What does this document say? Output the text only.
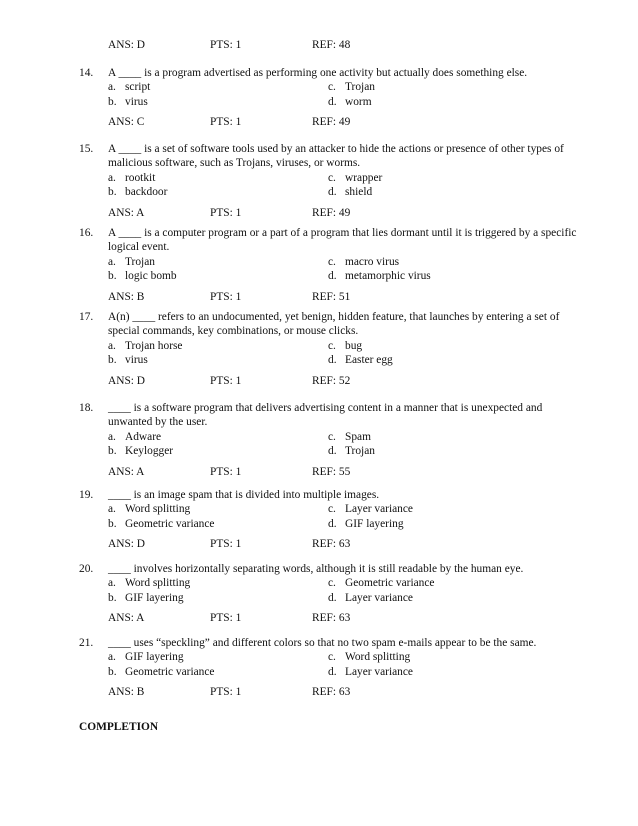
ANS: D	PTS: 1	REF: 48
14.	A ____ is a program advertised as performing one activity but actually does something else.
a. script	c. Trojan
b. virus	d. worm
ANS: C	PTS: 1	REF: 49
15.	A ____ is a set of software tools used by an attacker to hide the actions or presence of other types of
malicious software, such as Trojans, viruses, or worms.
a. rootkit	c. wrapper
b. backdoor	d. shield
ANS: A	PTS: 1	REF: 49
16.	A ____ is a computer program or a part of a program that lies dormant until it is triggered by a specific
logical event.
a. Trojan	c. macro virus
b. logic bomb	d. metamorphic virus
ANS: B	PTS: 1	REF: 51
17.	A(n) ____ refers to an undocumented, yet benign, hidden feature, that launches by entering a set of
special commands, key combinations, or mouse clicks.
a. Trojan horse	c. bug
b. virus	d. Easter egg
ANS: D	PTS: 1	REF: 52
18.	____ is a software program that delivers advertising content in a manner that is unexpected and
unwanted by the user.
a. Adware	c. Spam
b. Keylogger	d. Trojan
ANS: A	PTS: 1	REF: 55
19.	____ is an image spam that is divided into multiple images.
a. Word splitting	c. Layer variance
b. Geometric variance	d. GIF layering
ANS: D	PTS: 1	REF: 63
20.	____ involves horizontally separating words, although it is still readable by the human eye.
a. Word splitting	c. Geometric variance
b. GIF layering	d. Layer variance
ANS: A	PTS: 1	REF: 63
21.	____ uses “speckling” and different colors so that no two spam e-mails appear to be the same.
a. GIF layering	c. Word splitting
b. Geometric variance	d. Layer variance
ANS: B	PTS: 1	REF: 63
COMPLETION
